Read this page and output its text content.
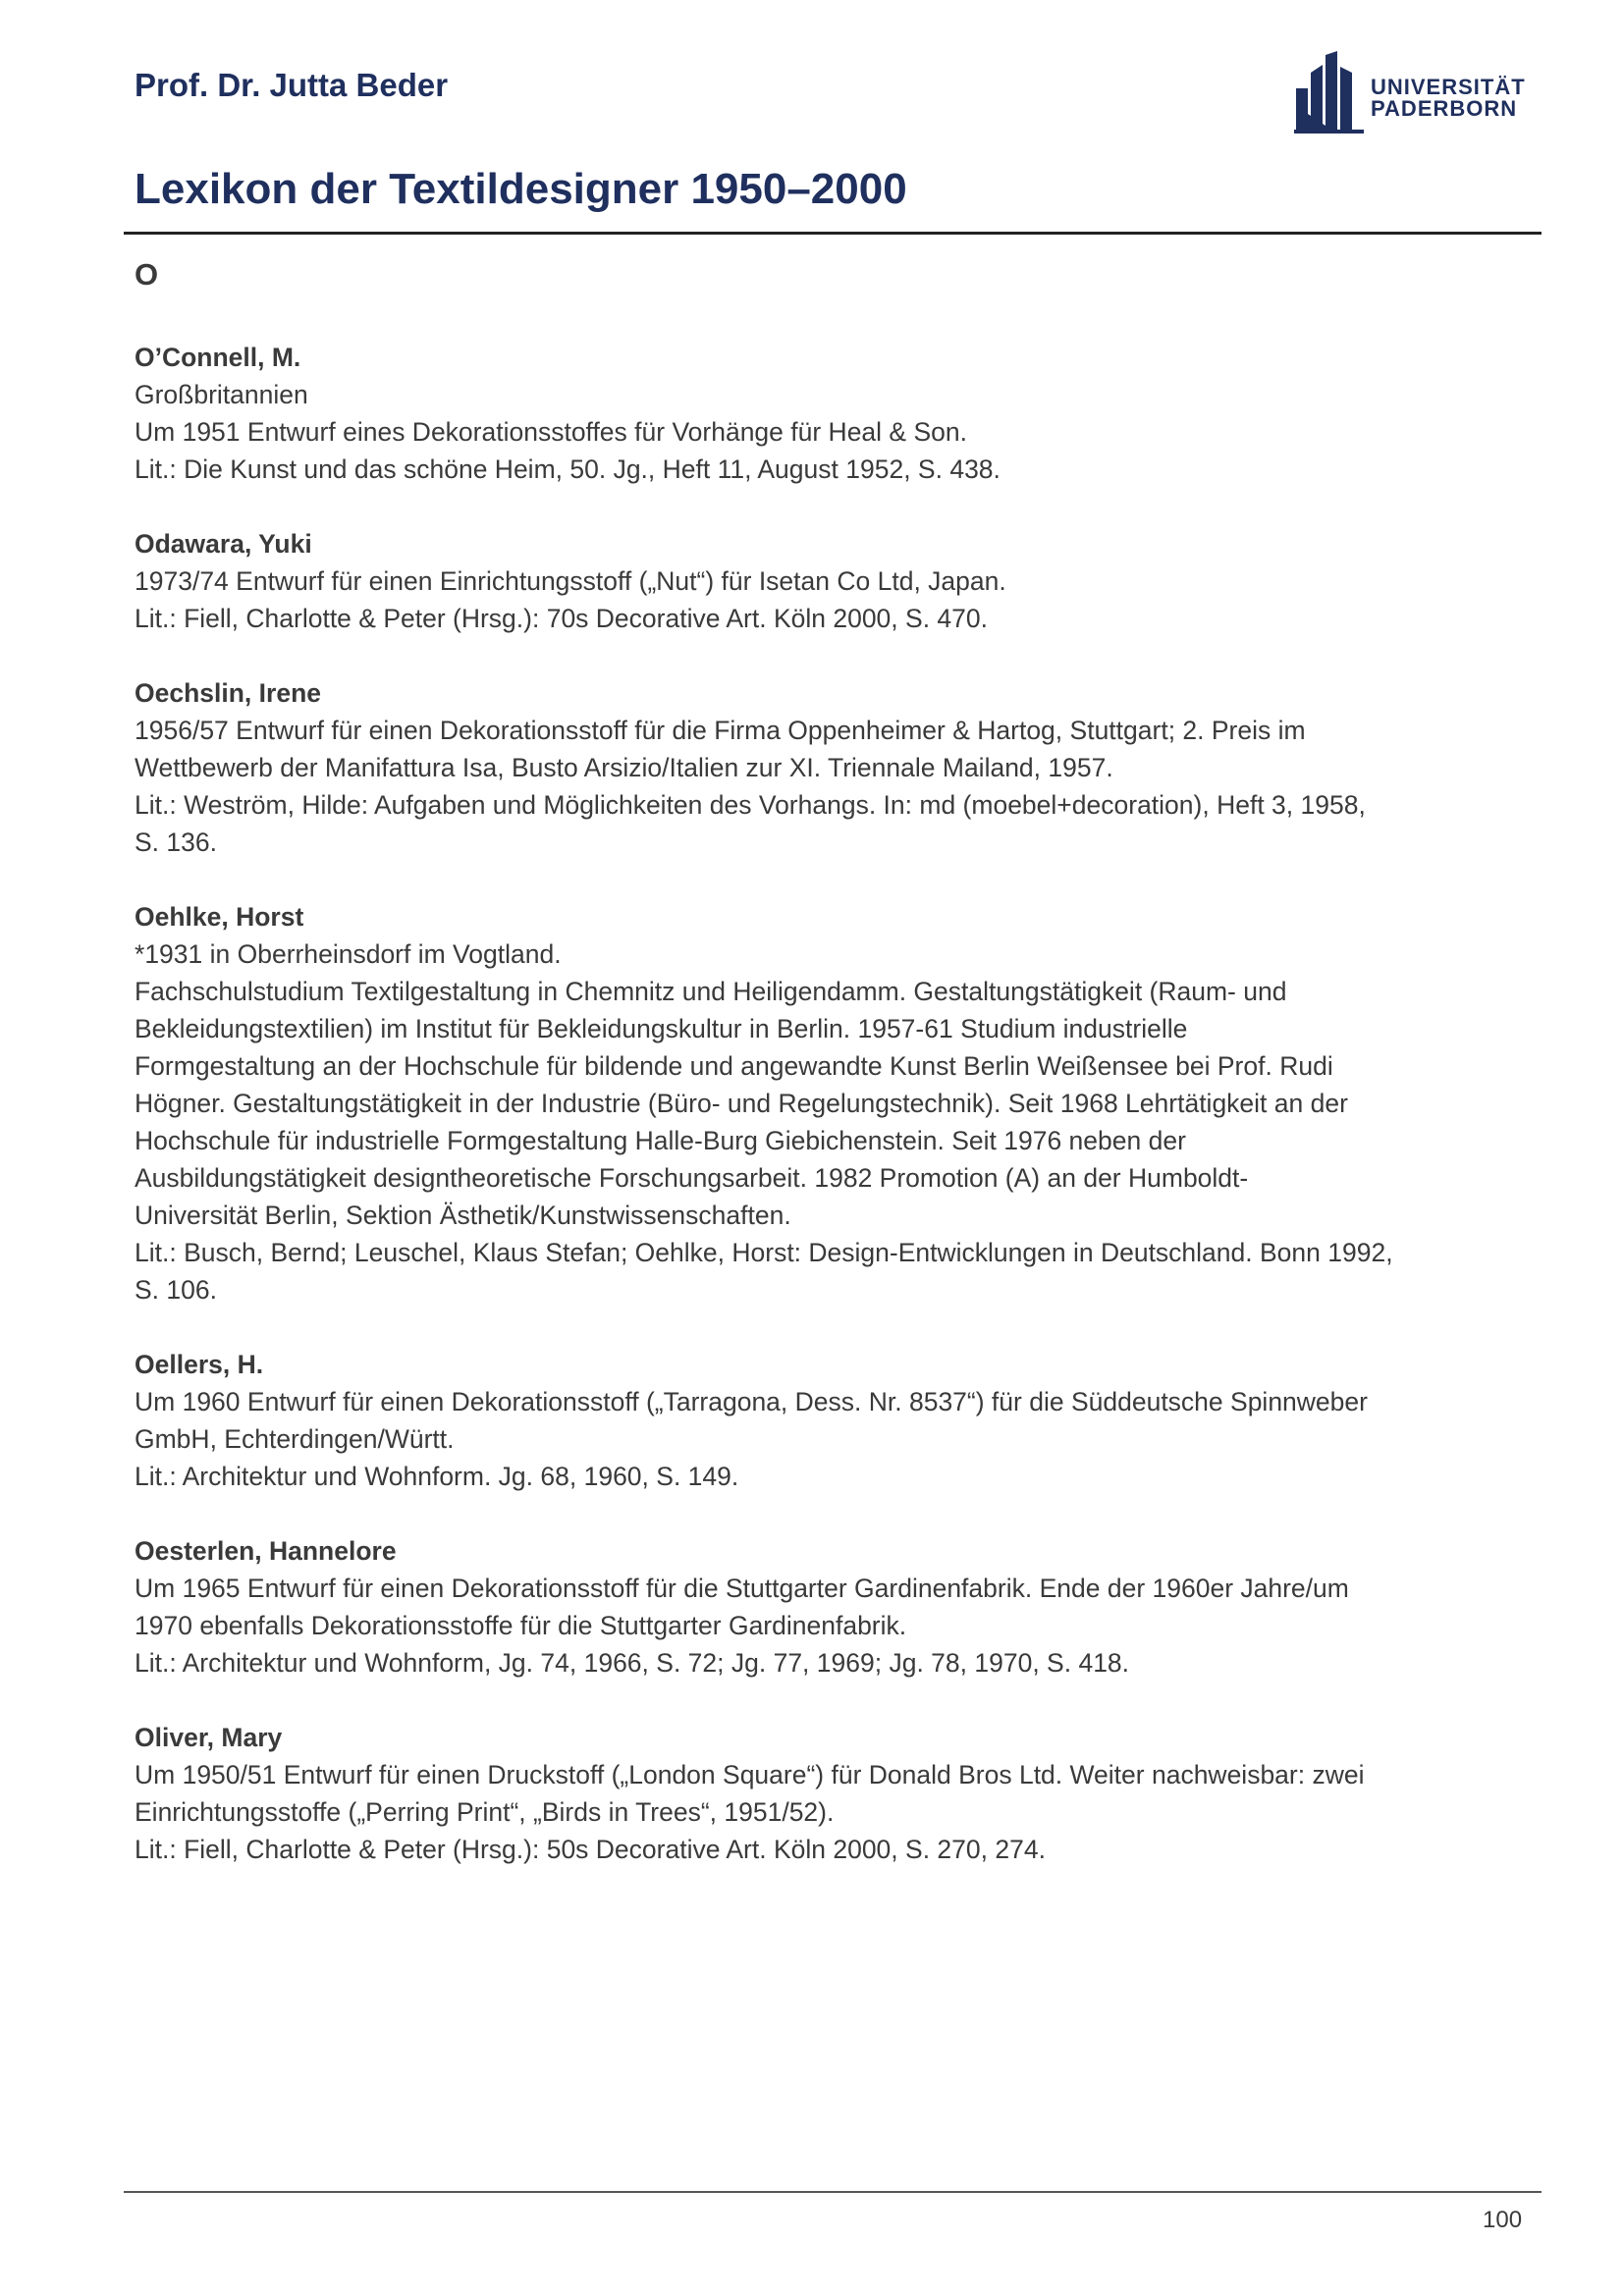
Prof. Dr. Jutta Beder	UNIVERSITÄT
PADERBORN
Lexikon der Textildesigner 1950–2000
O
O’Connell, M.
Großbritannien
Um 1951 Entwurf eines Dekorationsstoffes für Vorhänge für Heal & Son.
Lit.: Die Kunst und das schöne Heim, 50. Jg., Heft 11, August 1952, S. 438.
Odawara, Yuki
1973/74 Entwurf für einen Einrichtungsstoff („Nut“) für Isetan Co Ltd, Japan.
Lit.: Fiell, Charlotte & Peter (Hrsg.): 70s Decorative Art. Köln 2000, S. 470.
Oechslin, Irene
1956/57 Entwurf für einen Dekorationsstoff für die Firma Oppenheimer & Hartog, Stuttgart; 2. Preis im
Wettbewerb der Manifattura Isa, Busto Arsizio/Italien zur XI. Triennale Mailand, 1957.
Lit.: Weström, Hilde: Aufgaben und Möglichkeiten des Vorhangs. In: md (moebel+decoration), Heft 3, 1958,
S. 136.
Oehlke, Horst
*1931 in Oberrheinsdorf im Vogtland.
Fachschulstudium Textilgestaltung in Chemnitz und Heiligendamm. Gestaltungstätigkeit (Raum- und
Bekleidungstextilien) im Institut für Bekleidungskultur in Berlin. 1957-61 Studium industrielle
Formgestaltung an der Hochschule für bildende und angewandte Kunst Berlin Weißensee bei Prof. Rudi
Högner. Gestaltungstätigkeit in der Industrie (Büro- und Regelungstechnik). Seit 1968 Lehrtätigkeit an der
Hochschule für industrielle Formgestaltung Halle-Burg Giebichenstein. Seit 1976 neben der
Ausbildungstätigkeit designtheoretische Forschungsarbeit. 1982 Promotion (A) an der Humboldt-
Universität Berlin, Sektion Ästhetik/Kunstwissenschaften.
Lit.: Busch, Bernd; Leuschel, Klaus Stefan; Oehlke, Horst: Design-Entwicklungen in Deutschland. Bonn 1992,
S. 106.
Oellers, H.
Um 1960 Entwurf für einen Dekorationsstoff („Tarragona, Dess. Nr. 8537“) für die Süddeutsche Spinnweber
GmbH, Echterdingen/Württ.
Lit.: Architektur und Wohnform. Jg. 68, 1960, S. 149.
Oesterlen, Hannelore
Um 1965 Entwurf für einen Dekorationsstoff für die Stuttgarter Gardinenfabrik. Ende der 1960er Jahre/um
1970 ebenfalls Dekorationsstoffe für die Stuttgarter Gardinenfabrik.
Lit.: Architektur und Wohnform, Jg. 74, 1966, S. 72; Jg. 77, 1969; Jg. 78, 1970, S. 418.
Oliver, Mary
Um 1950/51 Entwurf für einen Druckstoff („London Square“) für Donald Bros Ltd. Weiter nachweisbar: zwei
Einrichtungsstoffe („Perring Print“, „Birds in Trees“, 1951/52).
Lit.: Fiell, Charlotte & Peter (Hrsg.): 50s Decorative Art. Köln 2000, S. 270, 274.
100
